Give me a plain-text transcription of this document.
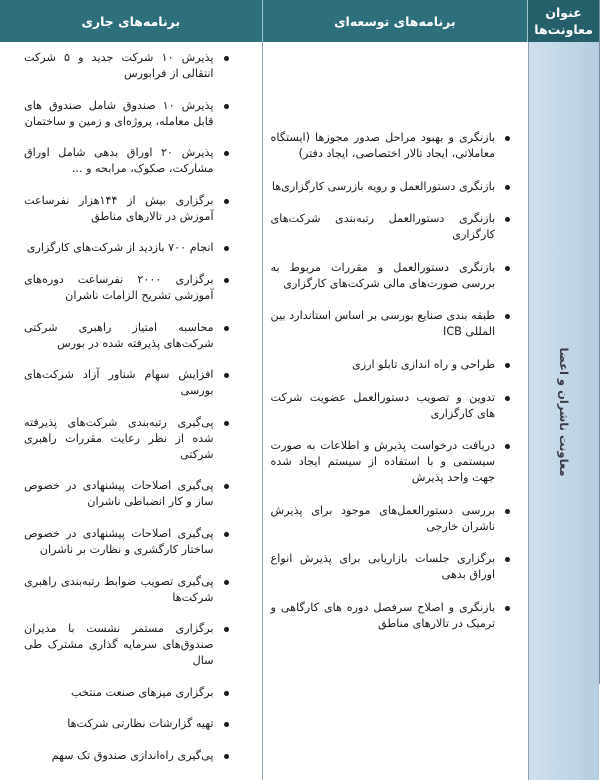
عنوان
معاونت‌ها
برنامه‌های توسعه‌ای
برنامه‌های جاری
معاونت ناشران و اعضا
بازنگری و بهبود مراحل صدور مجوزها (ایستگاه معاملاتی، ایجاد تالار اختصاصی، ایجاد دفتر)
بازنگری دستورالعمل و رویه بازرسی کارگزاری‌ها
بازنگری دستورالعمل رتبه‌بندی شرکت‌های کارگزاری
بازنگری دستورالعمل و مقررات مربوط به بررسی صورت‌های مالی شرکت‌های کارگزاری
طبقه بندی صنایع بورسی بر اساس استاندارد بین المللی ICB
طراحی و راه اندازی تابلو ارزی
تدوین و تصویب دستورالعمل عضویت شرکت های کارگزاری
دریافت درخواست پذیرش و اطلاعات به صورت سیستمی و با استفاده از سیستم ایجاد شده جهت واحد پذیرش
بررسی دستورالعمل‌های موجود برای پذیرش ناشران خارجی
برگزاری جلسات بازاریابی برای پذیرش انواع اوراق بدهی
بازنگری و اصلاح سرفصل دوره های کارگاهی و ترمیک در تالارهای مناطق
پذیرش ۱۰ شرکت جدید و ۵ شرکت انتقالی از فرابورس
پذیرش ۱۰ صندوق شامل صندوق های قابل معامله، پروژه‌ای و زمین و ساختمان
پذیرش ۲۰ اوراق بدهی شامل اوراق مشارکت، صکوک، مرابحه و ...
برگزاری بیش از ۱۴۴هزار نفرساعت آموزش در تالارهای مناطق
انجام ۷۰۰ بازدید از شرکت‌های کارگزاری
برگزاری ۲۰۰۰ نفرساعت دوره‌های آموزشی تشریح الزامات ناشران
محاسبه امتیاز راهبری شرکتی شرکت‌های پذیرفته شده در بورس
افزایش سهام شناور آزاد شرکت‌های بورسی
پی‌گیری رتبه‌بندی شرکت‌های پذیرفته شده از نظر رعایت مقررات راهبری شرکتی
پی‌گیری اصلاحات پیشنهادی در خصوص ساز و کار انضباطی ناشران
پی‌گیری اصلاحات پیشنهادی در خصوص ساختار کارگشری و نظارت بر ناشران
پی‌گیری تصویب ضوابط رتبه‌بندی راهبری شرکت‌ها
برگزاری مستمر نشست با مدیران صندوق‌های سرمایه گذاری مشترک طی سال
برگزاری میزهای صنعت منتخب
تهیه گزارشات نظارتی شرکت‌ها
پی‌گیری راه‌اندازی صندوق تک سهم
